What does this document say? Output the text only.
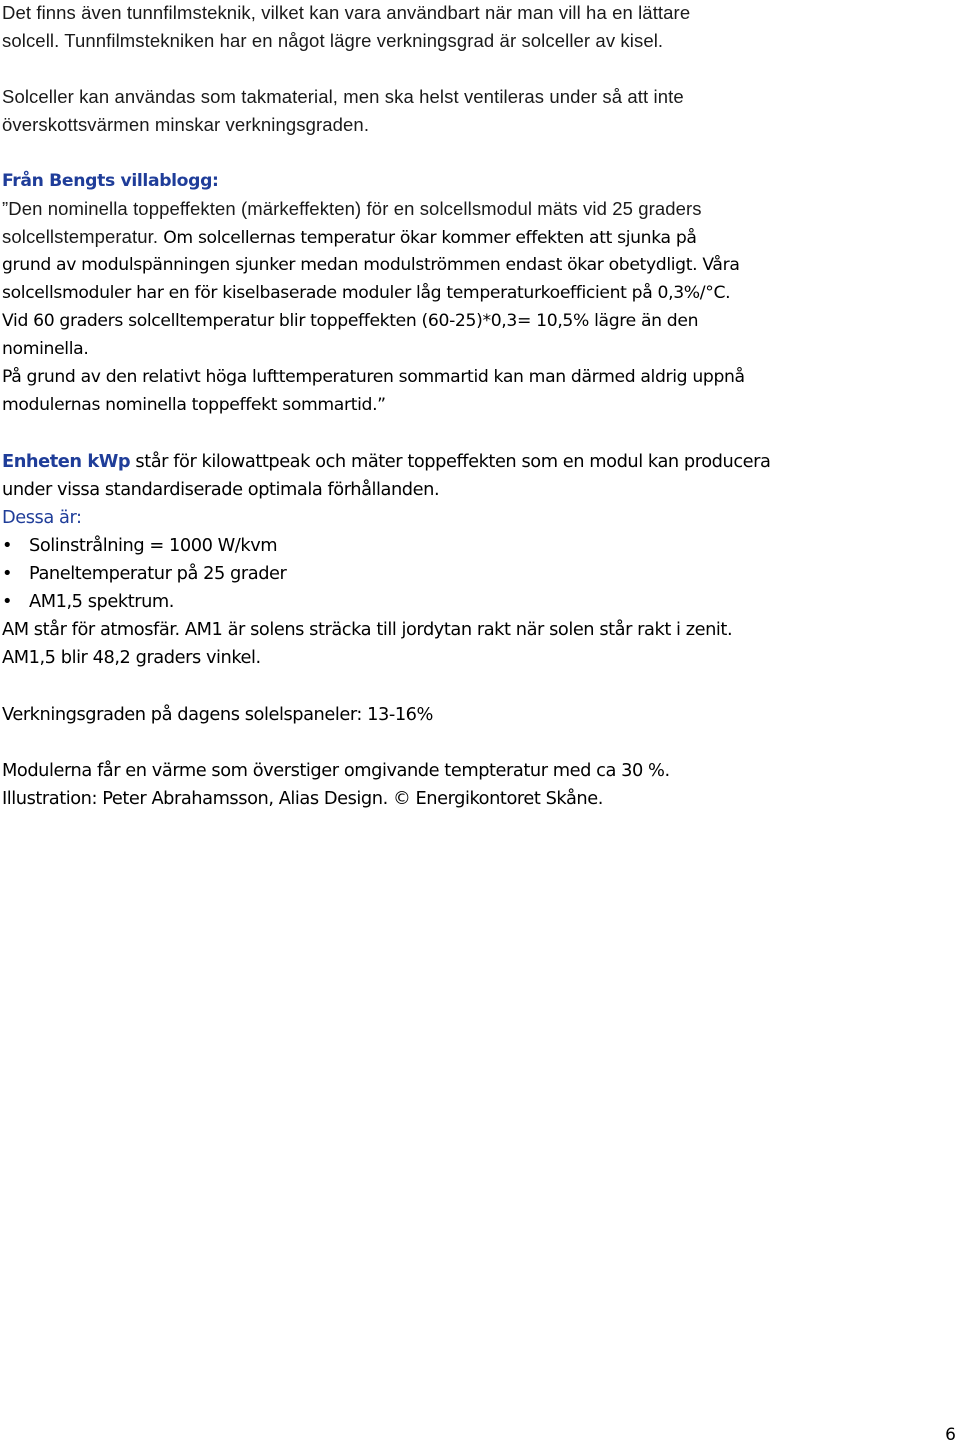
Det finns även tunnfilmsteknik, vilket kan vara användbart när man vill ha en lättare
solcell. Tunnfilmstekniken har en något lägre verkningsgrad är solceller av kisel.
Solceller kan användas som takmaterial, men ska helst ventileras under så att inte
överskottsvärmen minskar verkningsgraden.
Från Bengts villablogg:
”Den nominella toppeffekten (märkeffekten) för en solcellsmodul mäts vid 25 graders
solcellstemperatur. Om solcellernas temperatur ökar kommer effekten att sjunka på
grund av modulspänningen sjunker medan modulströmmen endast ökar obetydligt. Våra
solcellsmoduler har en för kiselbaserade moduler låg temperaturkoefficient på 0,3%/°C.
Vid 60 graders solcelltemperatur blir toppeffekten (60-25)*0,3= 10,5% lägre än den
nominella.
På grund av den relativt höga lufttemperaturen sommartid kan man därmed aldrig uppnå
modulernas nominella toppeffekt sommartid.”
Enheten kWp står för kilowattpeak och mäter toppeffekten som en modul kan producera
under vissa standardiserade optimala förhållanden.
Dessa är:
• Solinstrålning = 1000 W/kvm
• Paneltemperatur på 25 grader
• AM1,5 spektrum.
AM står för atmosfär. AM1 är solens sträcka till jordytan rakt när solen står rakt i zenit.
AM1,5 blir 48,2 graders vinkel.
Verkningsgraden på dagens solelspaneler: 13-16%
Modulerna får en värme som överstiger omgivande tempteratur med ca 30 %.
Illustration: Peter Abrahamsson, Alias Design. © Energikontoret Skåne.
6
